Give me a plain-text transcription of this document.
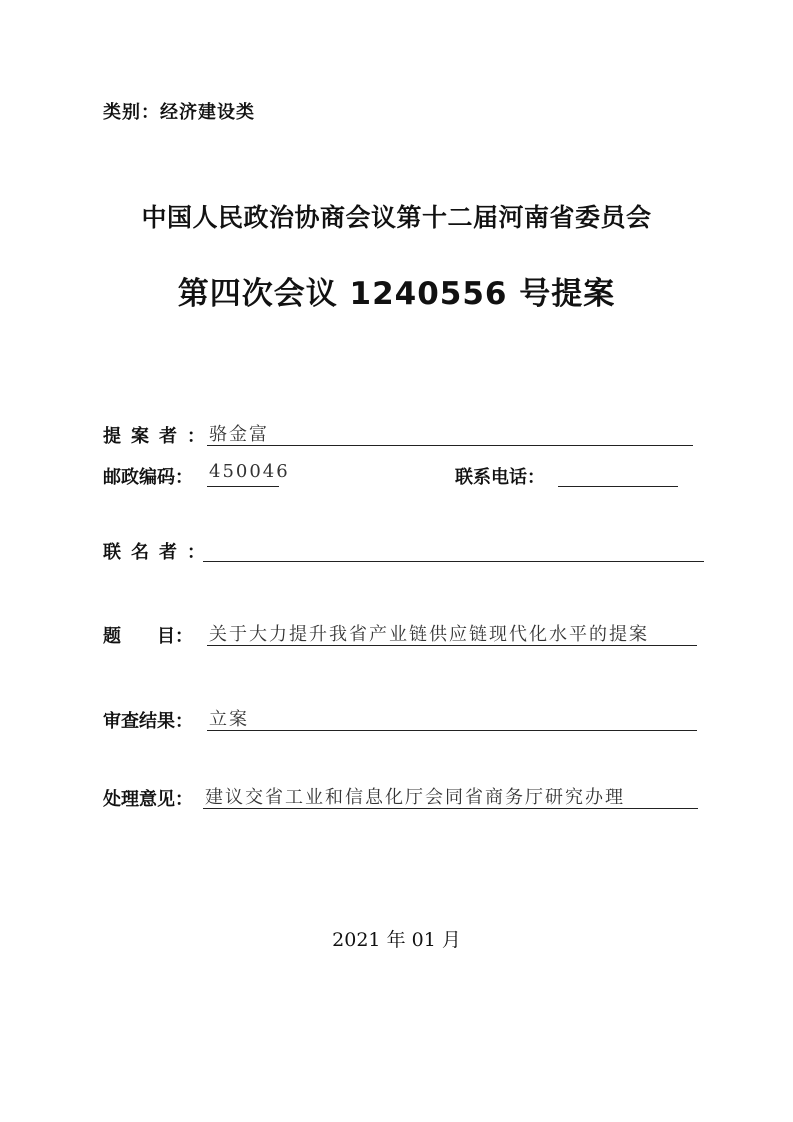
类别：经济建设类
中国人民政治协商会议第十二届河南省委员会
第四次会议 1240556 号提案
提案者：
骆金富
邮政编码： 450046	联系电话：
联名者：
题　　目： 关于大力提升我省产业链供应链现代化水平的提案
审查结果： 立案
处理意见： 建议交省工业和信息化厅会同省商务厅研究办理
2021 年 01 月
